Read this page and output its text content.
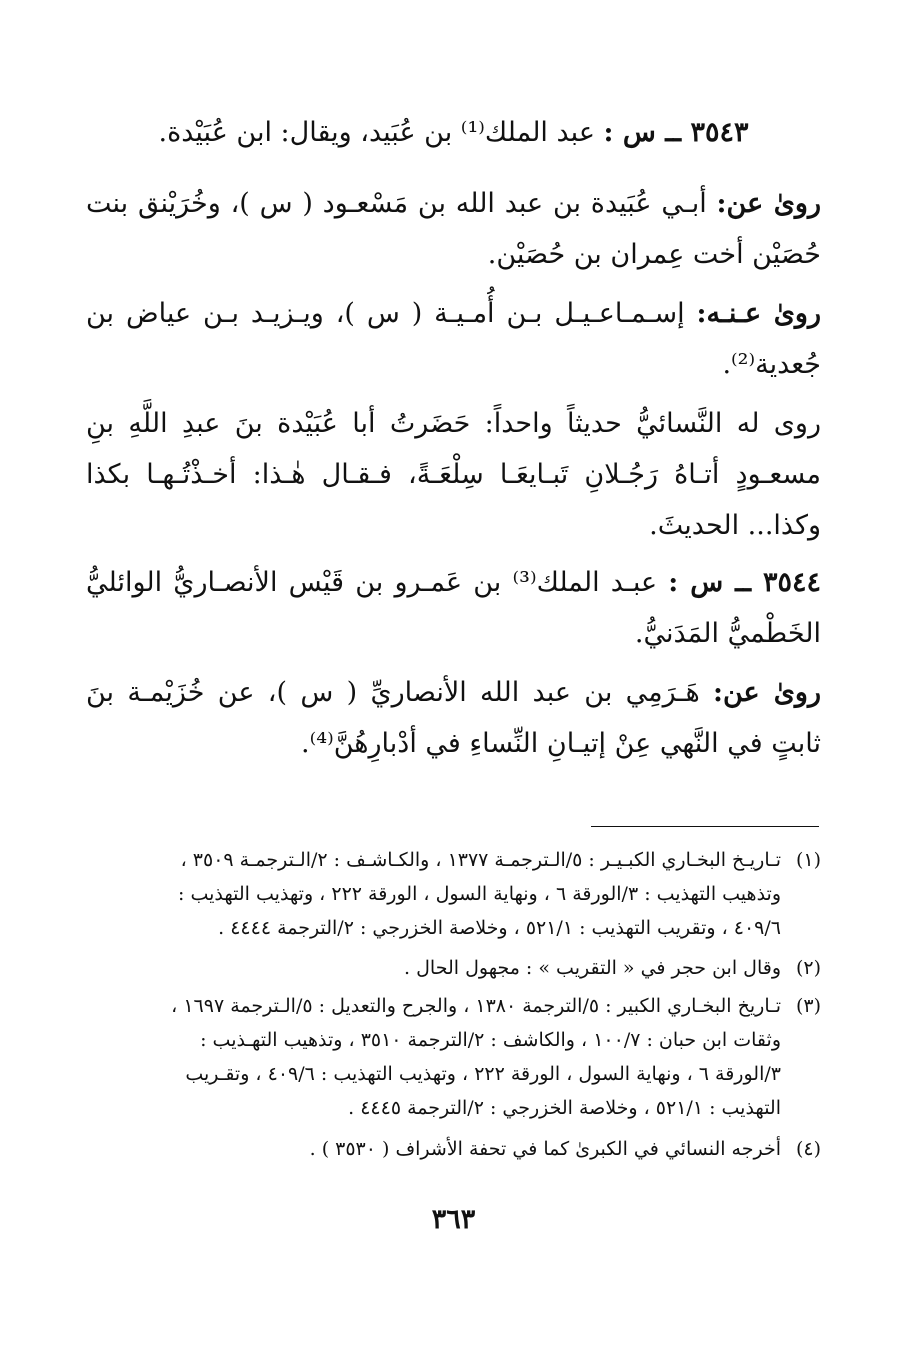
٣٥٤٣ ــ س : عبد الملك⁽¹⁾ بن عُبَيد، ويقال: ابن عُبَيْدة.

روىٰ عن: أبـي عُبَيدة بن عبد الله بن مَسْعـود ( س )، وخُرَيْنق بنت حُصَيْن أخت عِمران بن حُصَيْن.

روىٰ عـنـه: إسـمـاعـيـل بـن أُمـيـة ( س )، ويـزيـد بـن عياض بن جُعدية⁽²⁾.

روى له النَّسائيُّ حديثاً واحداً: حَضَرتُ أبا عُبَيْدة بنَ عبدِ اللَّهِ بنِ مسعـودٍ أتـاهُ رَجُـلانِ تَبـايعَـا سِلْعَـةً، فـقـال هٰـذا: أخـذْتُـهـا بكذا وكذا... الحديثَ.

٣٥٤٤ ــ س : عبـد الملك⁽³⁾ بن عَمـرو بن قَيْس الأنصـاريُّ الوائليُّ الخَطْميُّ المَدَنيُّ.

روىٰ عن: هَـرَمِي بن عبد الله الأنصاريِّ ( س )، عن خُزَيْمـة بنَ ثابتٍ في النَّهي عِنْ إتيـانِ النِّساءِ في أدْبارِهُنَّ⁽⁴⁾.

(١)تـاريـخ البخـاري الكبـيـر : ٥/الـترجمـة ١٣٧٧ ، والكـاشـف : ٢/الـترجمـة ٣٥٠٩ ،

وتذهيب التهذيب : ٣/الورقة ٦ ، ونهاية السول ، الورقة ٢٢٢ ، وتهذيب التهذيب :

٤٠٩/٦ ، وتقريب التهذيب : ٥٢١/١ ، وخلاصة الخزرجي : ٢/الترجمة ٤٤٤٤ .

(٢)وقال ابن حجر في « التقريب » : مجهول الحال .

(٣)تـاريخ البخـاري الكبير : ٥/الترجمة ١٣٨٠ ، والجرح والتعديل : ٥/الـترجمة ١٦٩٧ ،

وثقات ابن حبان : ١٠٠/٧ ، والكاشف : ٢/الترجمة ٣٥١٠ ، وتذهيب التهـذيب :

٣/الورقة ٦ ، ونهاية السول ، الورقة ٢٢٢ ، وتهذيب التهذيب : ٤٠٩/٦ ، وتقـريب

التهذيب : ٥٢١/١ ، وخلاصة الخزرجي : ٢/الترجمة ٤٤٤٥ .

(٤)أخرجه النسائي في الكبرىٰ كما في تحفة الأشراف ( ٣٥٣٠ ) .

٣٦٣
